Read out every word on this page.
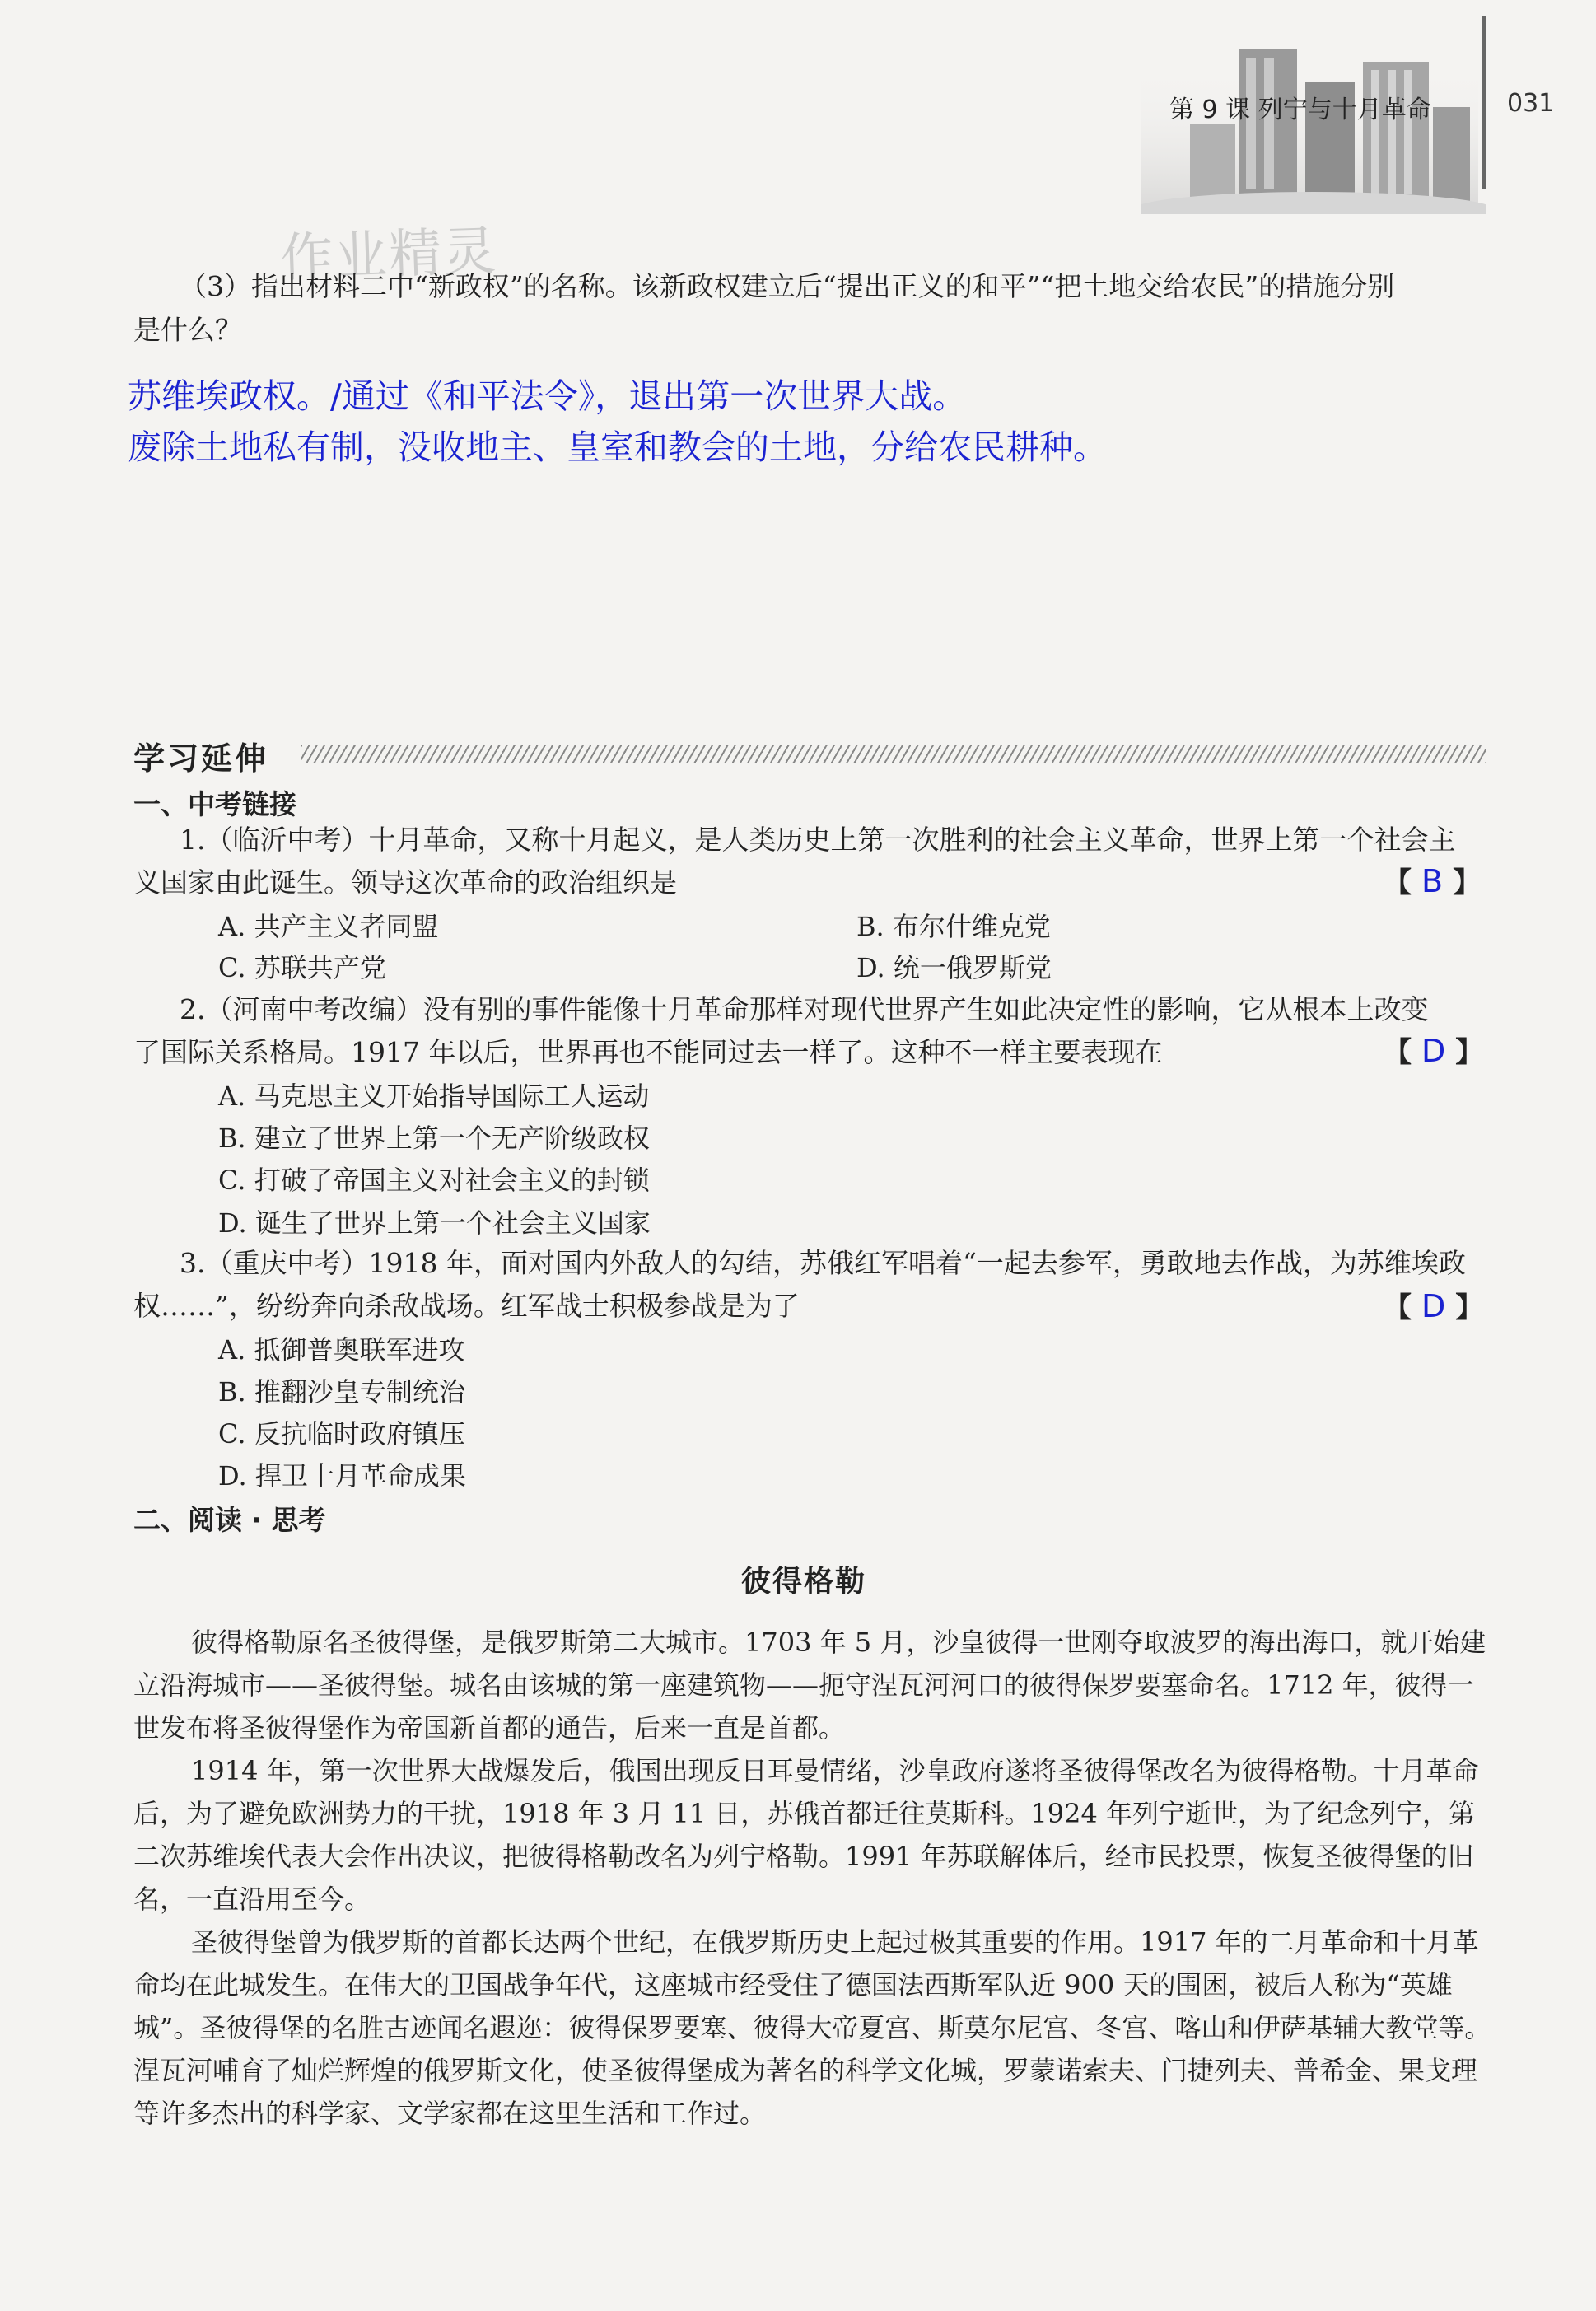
第 9 课 列宁与十月革命	031
作业精灵
（3）指出材料二中“新政权”的名称。该新政权建立后“提出正义的和平”“把土地交给农民”的措施分别
是什么？
苏维埃政权。/通过《和平法令》，退出第一次世界大战。
废除土地私有制，没收地主、皇室和教会的土地，分给农民耕种。
学习延伸
一、中考链接
1.（临沂中考）十月革命，又称十月起义，是人类历史上第一次胜利的社会主义革命，世界上第一个社会主
义国家由此诞生。领导这次革命的政治组织是	【 B 】
A. 共产主义者同盟	B. 布尔什维克党
C. 苏联共产党	D. 统一俄罗斯党
2.（河南中考改编）没有别的事件能像十月革命那样对现代世界产生如此决定性的影响，它从根本上改变
了国际关系格局。1917 年以后，世界再也不能同过去一样了。这种不一样主要表现在	【 D 】
A. 马克思主义开始指导国际工人运动
B. 建立了世界上第一个无产阶级政权
C. 打破了帝国主义对社会主义的封锁
D. 诞生了世界上第一个社会主义国家
3.（重庆中考）1918 年，面对国内外敌人的勾结，苏俄红军唱着“一起去参军，勇敢地去作战，为苏维埃政
权……”，纷纷奔向杀敌战场。红军战士积极参战是为了	【 D 】
A. 抵御普奥联军进攻
B. 推翻沙皇专制统治
C. 反抗临时政府镇压
D. 捍卫十月革命成果
二、阅读 · 思考
彼得格勒
彼得格勒原名圣彼得堡，是俄罗斯第二大城市。1703 年 5 月，沙皇彼得一世刚夺取波罗的海出海口，就开始建立沿海城市——圣彼得堡。城名由该城的第一座建筑物——扼守涅瓦河河口的彼得保罗要塞命名。1712 年，彼得一世发布将圣彼得堡作为帝国新首都的通告，后来一直是首都。
1914 年，第一次世界大战爆发后，俄国出现反日耳曼情绪，沙皇政府遂将圣彼得堡改名为彼得格勒。十月革命后，为了避免欧洲势力的干扰，1918 年 3 月 11 日，苏俄首都迁往莫斯科。1924 年列宁逝世，为了纪念列宁，第二次苏维埃代表大会作出决议，把彼得格勒改名为列宁格勒。1991 年苏联解体后，经市民投票，恢复圣彼得堡的旧名，一直沿用至今。
圣彼得堡曾为俄罗斯的首都长达两个世纪，在俄罗斯历史上起过极其重要的作用。1917 年的二月革命和十月革命均在此城发生。在伟大的卫国战争年代，这座城市经受住了德国法西斯军队近 900 天的围困，被后人称为“英雄城”。圣彼得堡的名胜古迹闻名遐迩：彼得保罗要塞、彼得大帝夏宫、斯莫尔尼宫、冬宫、喀山和伊萨基辅大教堂等。涅瓦河哺育了灿烂辉煌的俄罗斯文化，使圣彼得堡成为著名的科学文化城，罗蒙诺索夫、门捷列夫、普希金、果戈理等许多杰出的科学家、文学家都在这里生活和工作过。
